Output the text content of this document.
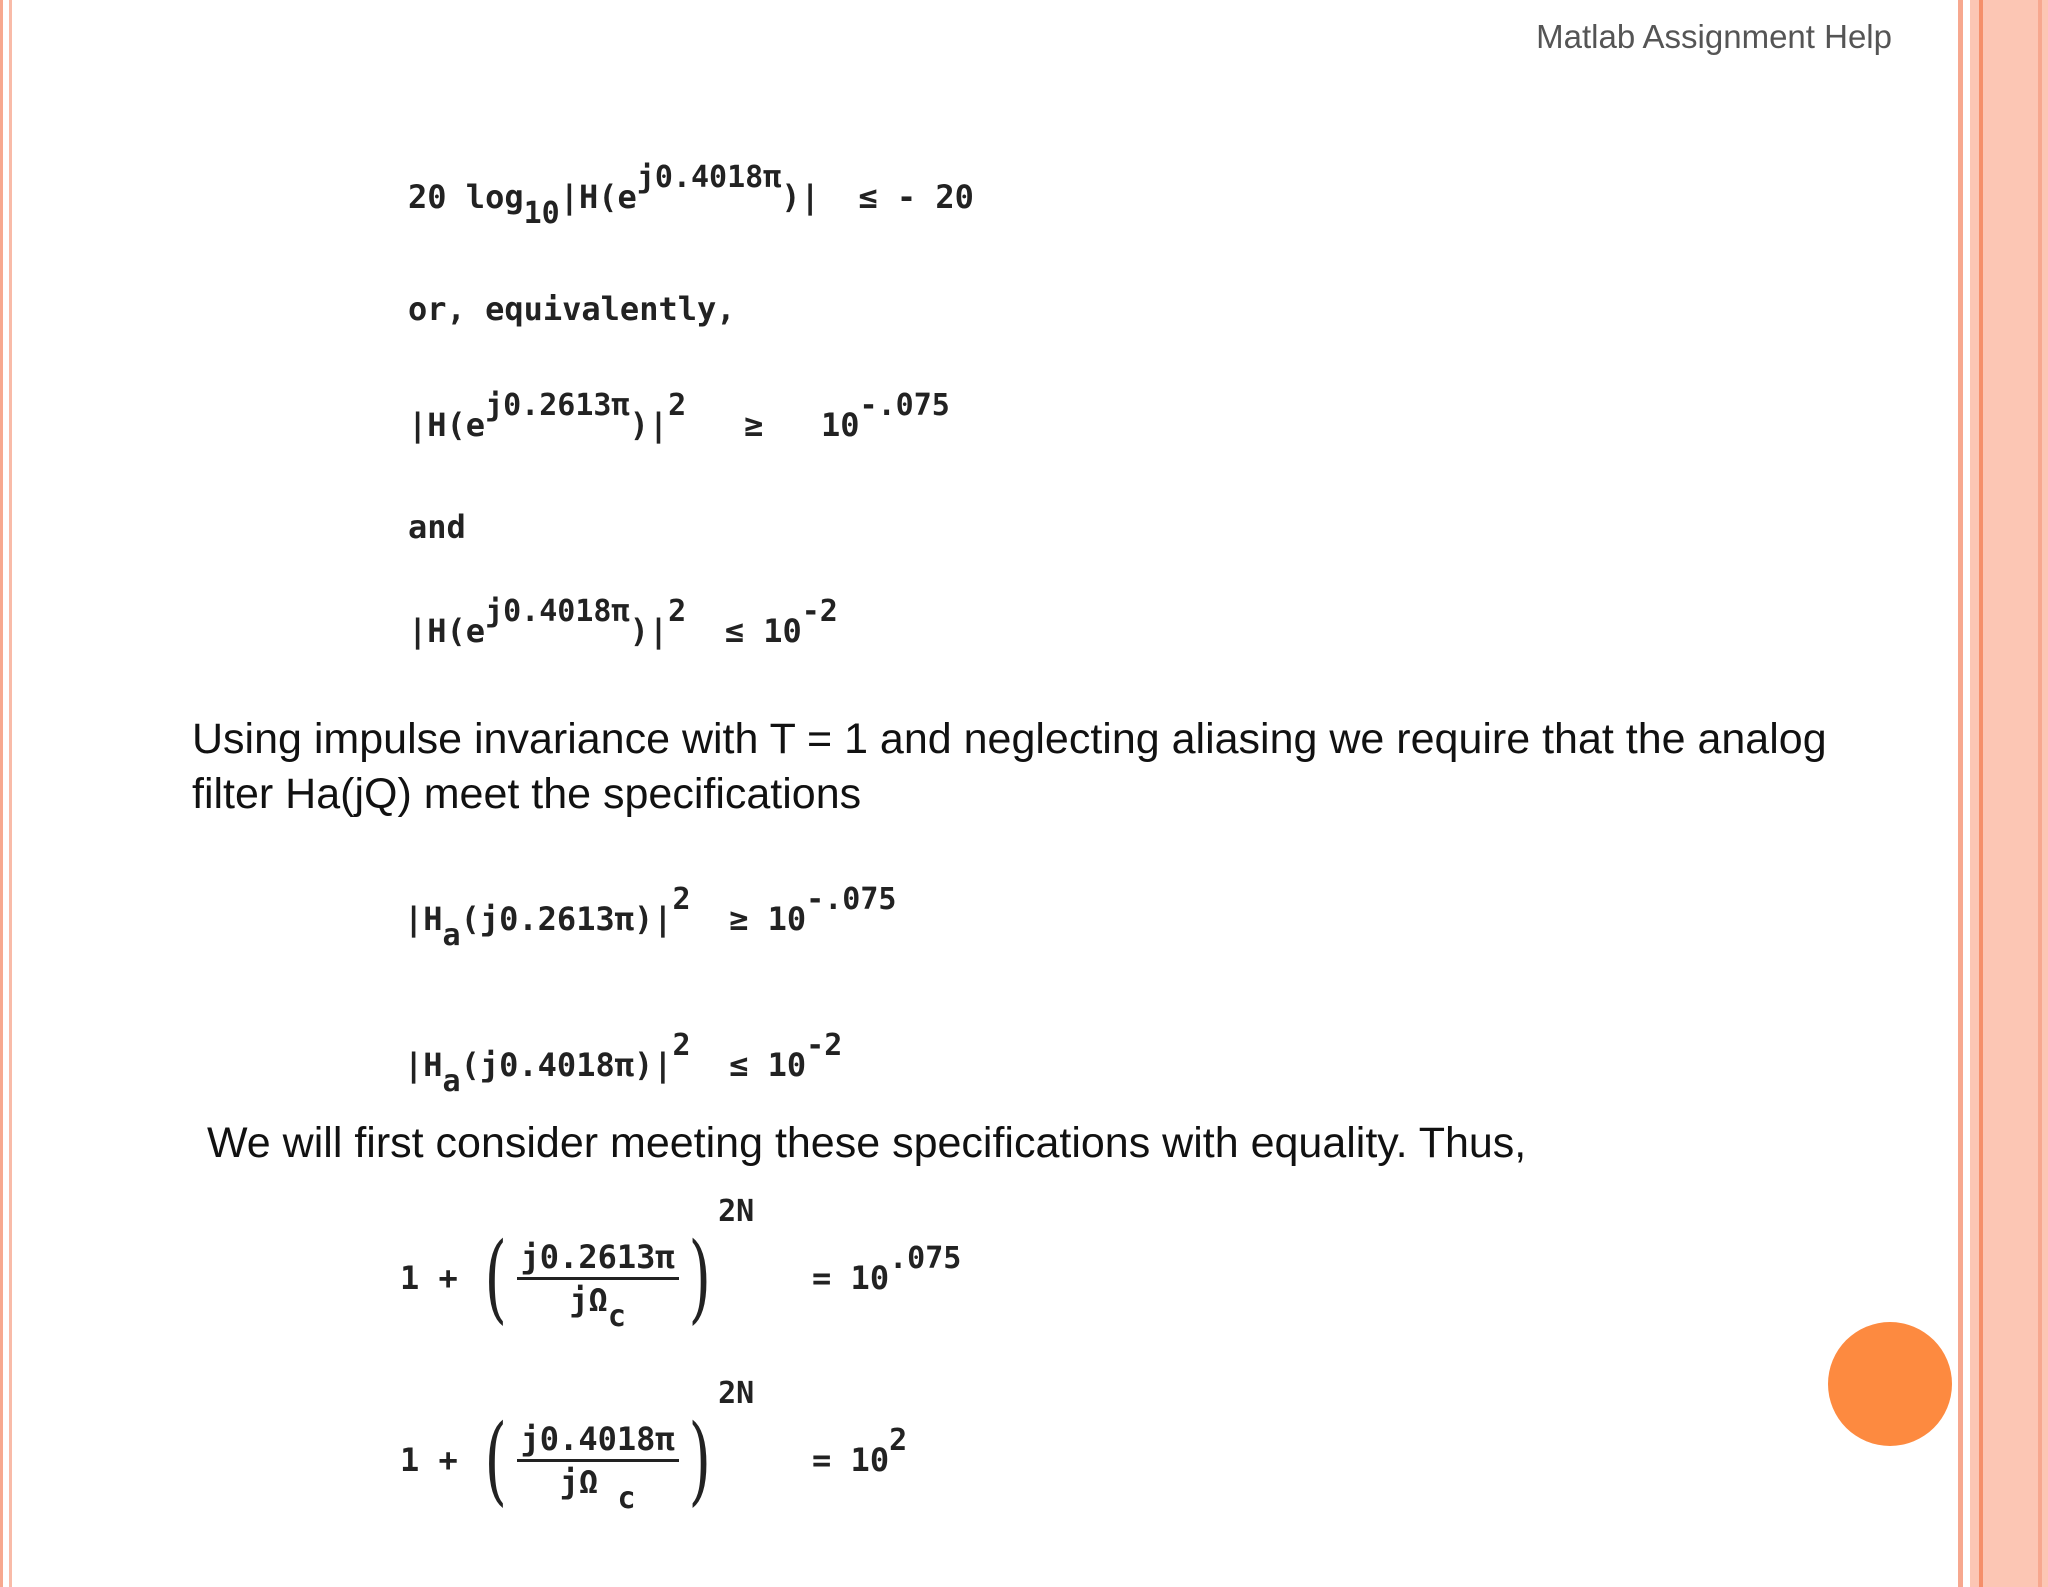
Matlab Assignment Help
20 $\log_{10}|H(e^{j0.4018\pi})|$ ≤ - 20
or, equivalently,
$|H(e^{j0.2613\pi})|^2 \ge 10^{-.075}$
and
$|H(e^{j0.4018\pi})|^2 \le 10^{-2}$

Using impulse invariance with T = 1 and neglecting aliasing we require that the analog filter Ha(jQ) meet the specifications

$|H_a(j0.2613\pi)|^2 \ge 10^{-.075}$
$|H_a(j0.4018\pi)|^2 \le 10^{-2}$

We will first consider meeting these specifications with equality. Thus,

1 + ( $\frac{j0.2613\pi}{j\Omega_c} )2N = 10^{.075}$
1 + ( $\frac{j0.4018\pi}{j\Omega _c} )2N = 10^2$
